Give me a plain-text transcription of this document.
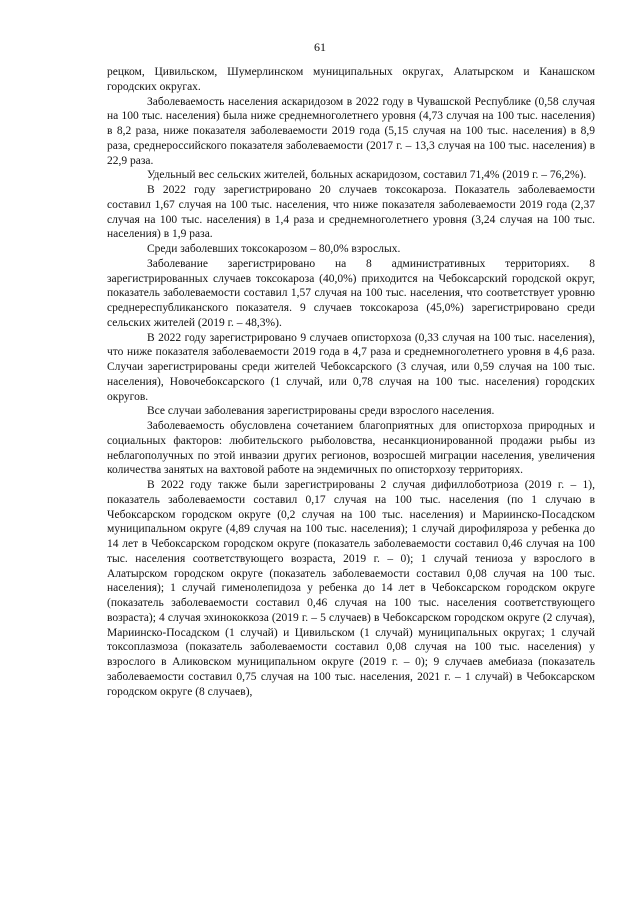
61

рецком, Цивильском, Шумерлинском муниципальных округах, Алатырском и Канашском городских округах.

Заболеваемость населения аскаридозом в 2022 году в Чувашской Республике (0,58 случая на 100 тыс. населения) была ниже среднемноголетнего уровня (4,73 случая на 100 тыс. населения) в 8,2 раза, ниже показателя заболеваемости 2019 года (5,15 случая на 100 тыс. населения) в 8,9 раза, среднероссийского показателя заболеваемости (2017 г. – 13,3 случая на 100 тыс. населения) в 22,9 раза.

Удельный вес сельских жителей, больных аскаридозом, составил 71,4% (2019 г. – 76,2%).

В 2022 году зарегистрировано 20 случаев токсокароза. Показатель заболеваемости составил 1,67 случая на 100 тыс. населения, что ниже показателя заболеваемости 2019 года (2,37 случая на 100 тыс. населения) в 1,4 раза и среднемноголетнего уровня (3,24 случая на 100 тыс. населения) в 1,9 раза.

Среди заболевших токсокарозом – 80,0% взрослых.

Заболевание зарегистрировано на 8 административных территориях. 8 зарегистрированных случаев токсокароза (40,0%) приходится на Чебоксарский городской округ, показатель заболеваемости составил 1,57 случая на 100 тыс. населения, что соответствует уровню среднереспубликанского показателя. 9 случаев токсокароза (45,0%) зарегистрировано среди сельских жителей (2019 г. – 48,3%).

В 2022 году зарегистрировано 9 случаев описторхоза (0,33 случая на 100 тыс. населения), что ниже показателя заболеваемости 2019 года в 4,7 раза и среднемноголетнего уровня в 4,6 раза. Случаи зарегистрированы среди жителей Чебоксарского (3 случая, или 0,59 случая на 100 тыс. населения), Новочебоксарского (1 случай, или 0,78 случая на 100 тыс. населения) городских округов.

Все случаи заболевания зарегистрированы среди взрослого населения.

Заболеваемость обусловлена сочетанием благоприятных для описторхоза природных и социальных факторов: любительского рыболовства, несанкционированной продажи рыбы из неблагополучных по этой инвазии других регионов, возросшей миграции населения, увеличения количества занятых на вахтовой работе на эндемичных по описторхозу территориях.

В 2022 году также были зарегистрированы 2 случая дифиллоботриоза (2019 г. – 1), показатель заболеваемости составил 0,17 случая на 100 тыс. населения (по 1 случаю в Чебоксарском городском округе (0,2 случая на 100 тыс. населения) и Мариинско-Посадском муниципальном округе (4,89 случая на 100 тыс. населения); 1 случай дирофиляроза у ребенка до 14 лет в Чебоксарском городском округе (показатель заболеваемости составил 0,46 случая на 100 тыс. населения соответствующего возраста, 2019 г. – 0); 1 случай тениоза у взрослого в Алатырском городском округе (показатель заболеваемости составил 0,08 случая на 100 тыс. населения); 1 случай гименолепидоза у ребенка до 14 лет в Чебоксарском городском округе (показатель заболеваемости составил 0,46 случая на 100 тыс. населения соответствующего возраста); 4 случая эхинококкоза (2019 г. – 5 случаев) в Чебоксарском городском округе (2 случая), Мариинско-Посадском (1 случай) и Цивильском (1 случай) муниципальных округах; 1 случай токсоплазмоза (показатель заболеваемости составил 0,08 случая на 100 тыс. населения) у взрослого в Аликовском муниципальном округе (2019 г. – 0); 9 случаев амебиаза (показатель заболеваемости составил 0,75 случая на 100 тыс. населения, 2021 г. – 1 случай) в Чебоксарском городском округе (8 случаев),
